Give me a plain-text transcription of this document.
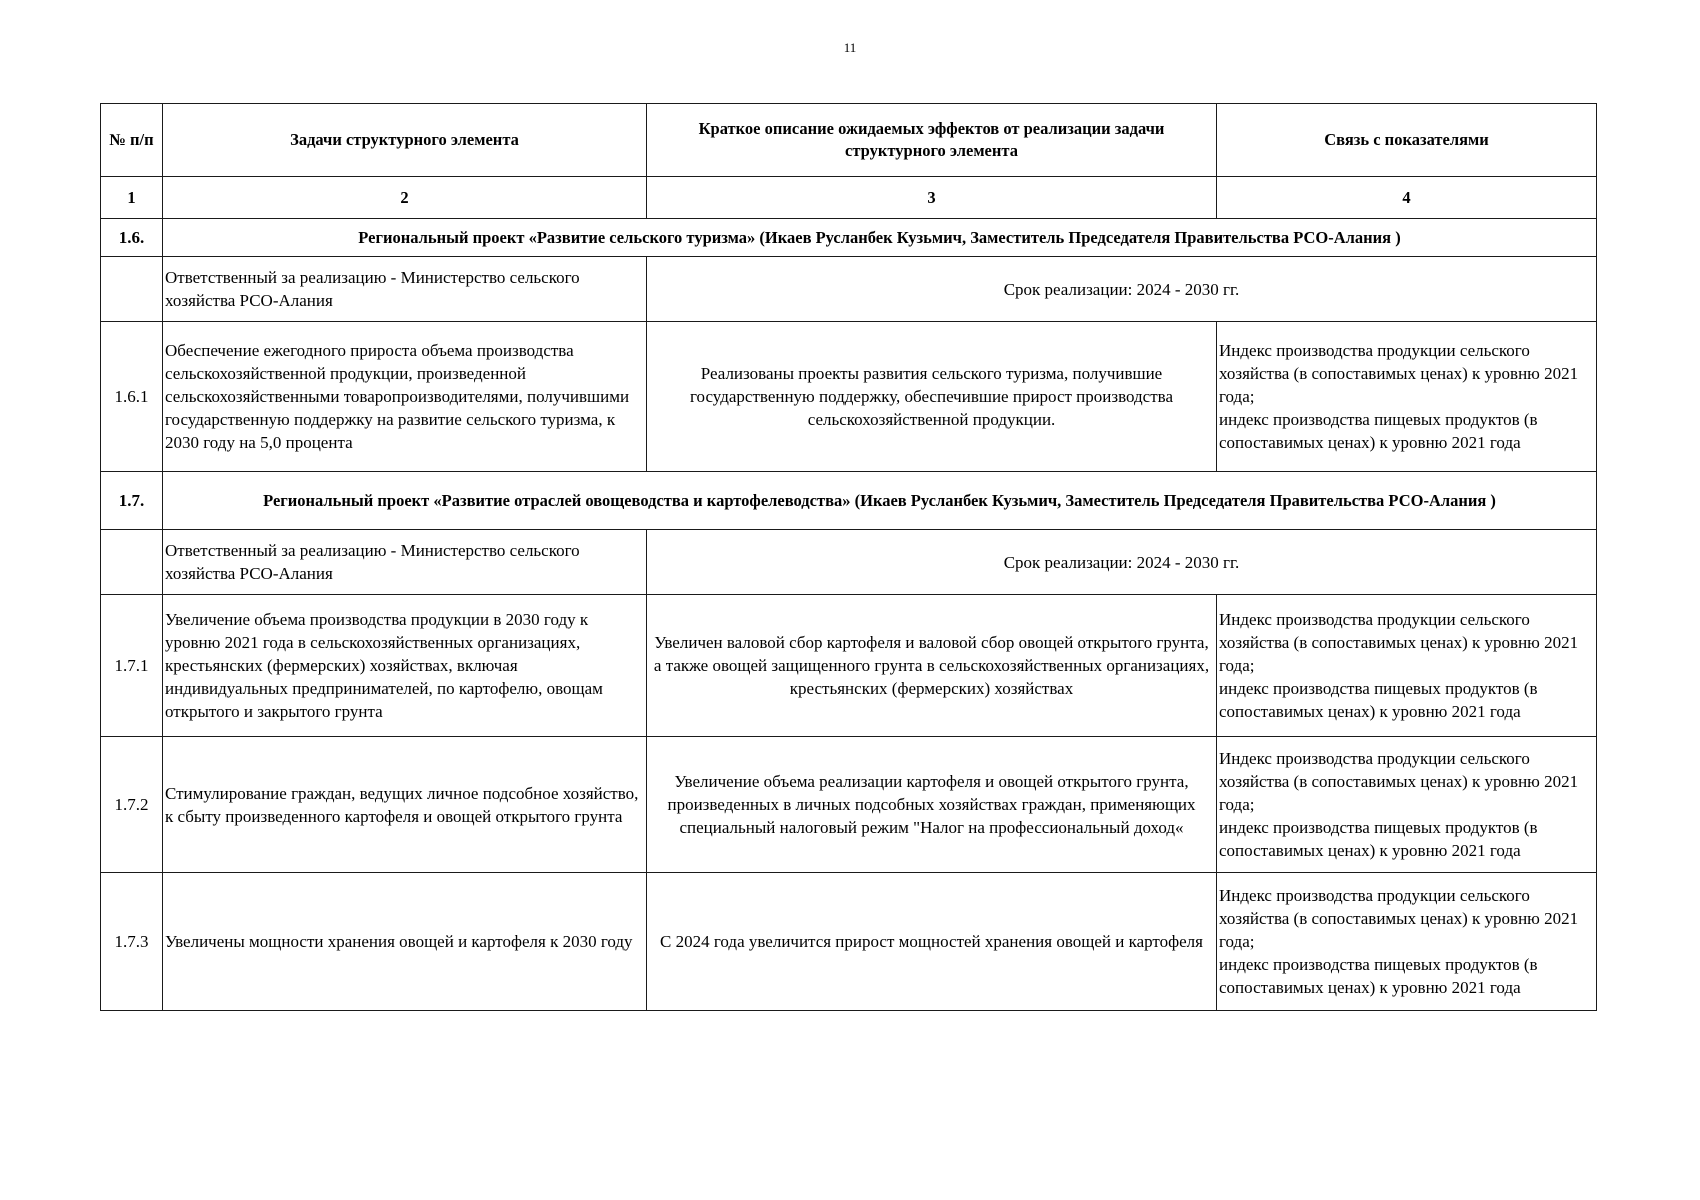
11
№ п/п	Задачи структурного элемента	Краткое описание ожидаемых эффектов от реализации задачи структурного элемента	Связь с показателями
1	2	3	4
1.6.	Региональный проект «Развитие сельского туризма» (Икаев Русланбек Кузьмич, Заместитель Председателя Правительства РСО-Алания )		
	Ответственный за реализацию - Министерство сельского хозяйства РСО-Алания	Срок реализации: 2024 - 2030 гг.	
1.6.1	Обеспечение ежегодного прироста объема производства сельскохозяйственной продукции, произведенной сельскохозяйственными товаропроизводителями, получившими государственную поддержку на развитие сельского туризма, к 2030 году на 5,0 процента	Реализованы проекты развития сельского туризма, получившие государственную поддержку, обеспечившие прирост производства сельскохозяйственной продукции.	Индекс производства продукции сельского хозяйства (в сопоставимых ценах) к уровню 2021 года;
индекс производства пищевых продуктов (в сопоставимых ценах) к уровню 2021 года
1.7.	Региональный проект «Развитие отраслей овощеводства и картофелеводства» (Икаев Русланбек Кузьмич, Заместитель Председателя Правительства РСО-Алания )		
	Ответственный за реализацию - Министерство сельского хозяйства РСО-Алания	Срок реализации: 2024 - 2030 гг.	
1.7.1	Увеличение объема производства продукции в 2030 году к уровню 2021 года в сельскохозяйственных организациях, крестьянских (фермерских) хозяйствах, включая индивидуальных предпринимателей, по картофелю, овощам открытого и закрытого грунта	Увеличен валовой сбор картофеля и валовой сбор овощей открытого грунта, а также овощей защищенного грунта в сельскохозяйственных организациях, крестьянских (фермерских) хозяйствах	Индекс производства продукции сельского хозяйства (в сопоставимых ценах) к уровню 2021 года;
индекс производства пищевых продуктов (в сопоставимых ценах) к уровню 2021 года
1.7.2	Стимулирование граждан, ведущих личное подсобное хозяйство, к сбыту произведенного картофеля и овощей открытого грунта	Увеличение объема реализации картофеля и овощей открытого грунта, произведенных в личных подсобных хозяйствах граждан, применяющих специальный налоговый режим "Налог на профессиональный доход«	Индекс производства продукции сельского хозяйства (в сопоставимых ценах) к уровню 2021 года;
индекс производства пищевых продуктов (в сопоставимых ценах) к уровню 2021 года
1.7.3	Увеличены мощности хранения овощей и картофеля к 2030 году	С 2024 года увеличится прирост мощностей хранения овощей и картофеля	Индекс производства продукции сельского хозяйства (в сопоставимых ценах) к уровню 2021 года;
индекс производства пищевых продуктов (в сопоставимых ценах) к уровню 2021 года
